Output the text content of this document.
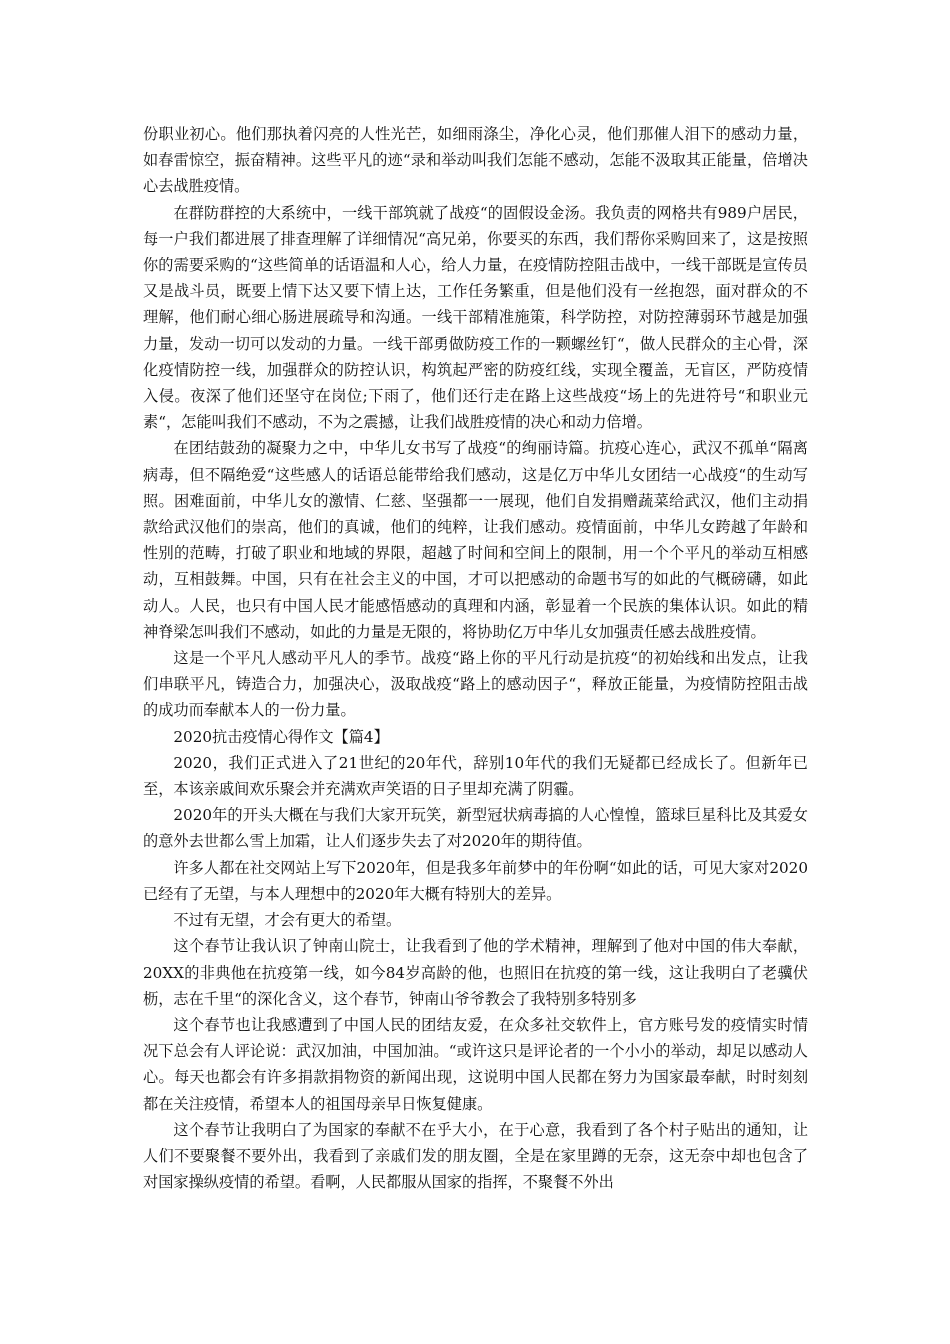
份职业初心。他们那执着闪亮的人性光芒，如细雨涤尘，净化心灵，他们那催人泪下的感动力量，如春雷惊空，振奋精神。这些平凡的迹“录和举动叫我们怎能不感动，怎能不汲取其正能量，倍增决心去战胜疫情。

在群防群控的大系统中，一线干部筑就了战疫“的固假设金汤。我负责的网格共有989户居民，每一户我们都进展了排查理解了详细情况“高兄弟，你要买的东西，我们帮你采购回来了，这是按照你的需要采购的“这些简单的话语温和人心，给人力量，在疫情防控阻击战中，一线干部既是宣传员又是战斗员，既要上情下达又要下情上达，工作任务繁重，但是他们没有一丝抱怨，面对群众的不理解，他们耐心细心肠进展疏导和沟通。一线干部精准施策，科学防控，对防控薄弱环节越是加强力量，发动一切可以发动的力量。一线干部勇做防疫工作的一颗螺丝钉“，做人民群众的主心骨，深化疫情防控一线，加强群众的防控认识，构筑起严密的防疫红线，实现全覆盖，无盲区，严防疫情入侵。夜深了他们还坚守在岗位;下雨了，他们还行走在路上这些战疫“场上的先进符号“和职业元素“，怎能叫我们不感动，不为之震撼，让我们战胜疫情的决心和动力倍增。

在团结鼓劲的凝聚力之中，中华儿女书写了战疫“的绚丽诗篇。抗疫心连心，武汉不孤单“隔离病毒，但不隔绝爱“这些感人的话语总能带给我们感动，这是亿万中华儿女团结一心战疫“的生动写照。困难面前，中华儿女的激情、仁慈、坚强都一一展现，他们自发捐赠蔬菜给武汉，他们主动捐款给武汉他们的崇高，他们的真诚，他们的纯粹，让我们感动。疫情面前，中华儿女跨越了年龄和性别的范畴，打破了职业和地域的界限，超越了时间和空间上的限制，用一个个平凡的举动互相感动，互相鼓舞。中国，只有在社会主义的中国，才可以把感动的命题书写的如此的气概磅礴，如此动人。人民，也只有中国人民才能感悟感动的真理和内涵，彰显着一个民族的集体认识。如此的精神脊梁怎叫我们不感动，如此的力量是无限的，将协助亿万中华儿女加强责任感去战胜疫情。

这是一个平凡人感动平凡人的季节。战疫“路上你的平凡行动是抗疫“的初始线和出发点，让我们串联平凡，铸造合力，加强决心，汲取战疫“路上的感动因子“，释放正能量，为疫情防控阻击战的成功而奉献本人的一份力量。

2020抗击疫情心得作文【篇4】

2020，我们正式进入了21世纪的20年代，辞别10年代的我们无疑都已经成长了。但新年已至，本该亲戚间欢乐聚会并充满欢声笑语的日子里却充满了阴霾。

2020年的开头大概在与我们大家开玩笑，新型冠状病毒搞的人心惶惶，篮球巨星科比及其爱女的意外去世都么雪上加霜，让人们逐步失去了对2020年的期待值。

许多人都在社交网站上写下2020年，但是我多年前梦中的年份啊“如此的话，可见大家对2020已经有了无望，与本人理想中的2020年大概有特别大的差异。

不过有无望，才会有更大的希望。

这个春节让我认识了钟南山院士，让我看到了他的学术精神，理解到了他对中国的伟大奉献，20XX的非典他在抗疫第一线，如今84岁高龄的他，也照旧在抗疫的第一线，这让我明白了老骥伏枥，志在千里“的深化含义，这个春节，钟南山爷爷教会了我特别多特别多

这个春节也让我感遭到了中国人民的团结友爱，在众多社交软件上，官方账号发的疫情实时情况下总会有人评论说：武汉加油，中国加油。“或许这只是评论者的一个小小的举动，却足以感动人心。每天也都会有许多捐款捐物资的新闻出现，这说明中国人民都在努力为国家最奉献，时时刻刻都在关注疫情，希望本人的祖国母亲早日恢复健康。

这个春节让我明白了为国家的奉献不在乎大小，在于心意，我看到了各个村子贴出的通知，让人们不要聚餐不要外出，我看到了亲戚们发的朋友圈，全是在家里蹲的无奈，这无奈中却也包含了对国家操纵疫情的希望。看啊，人民都服从国家的指挥，不聚餐不外出
